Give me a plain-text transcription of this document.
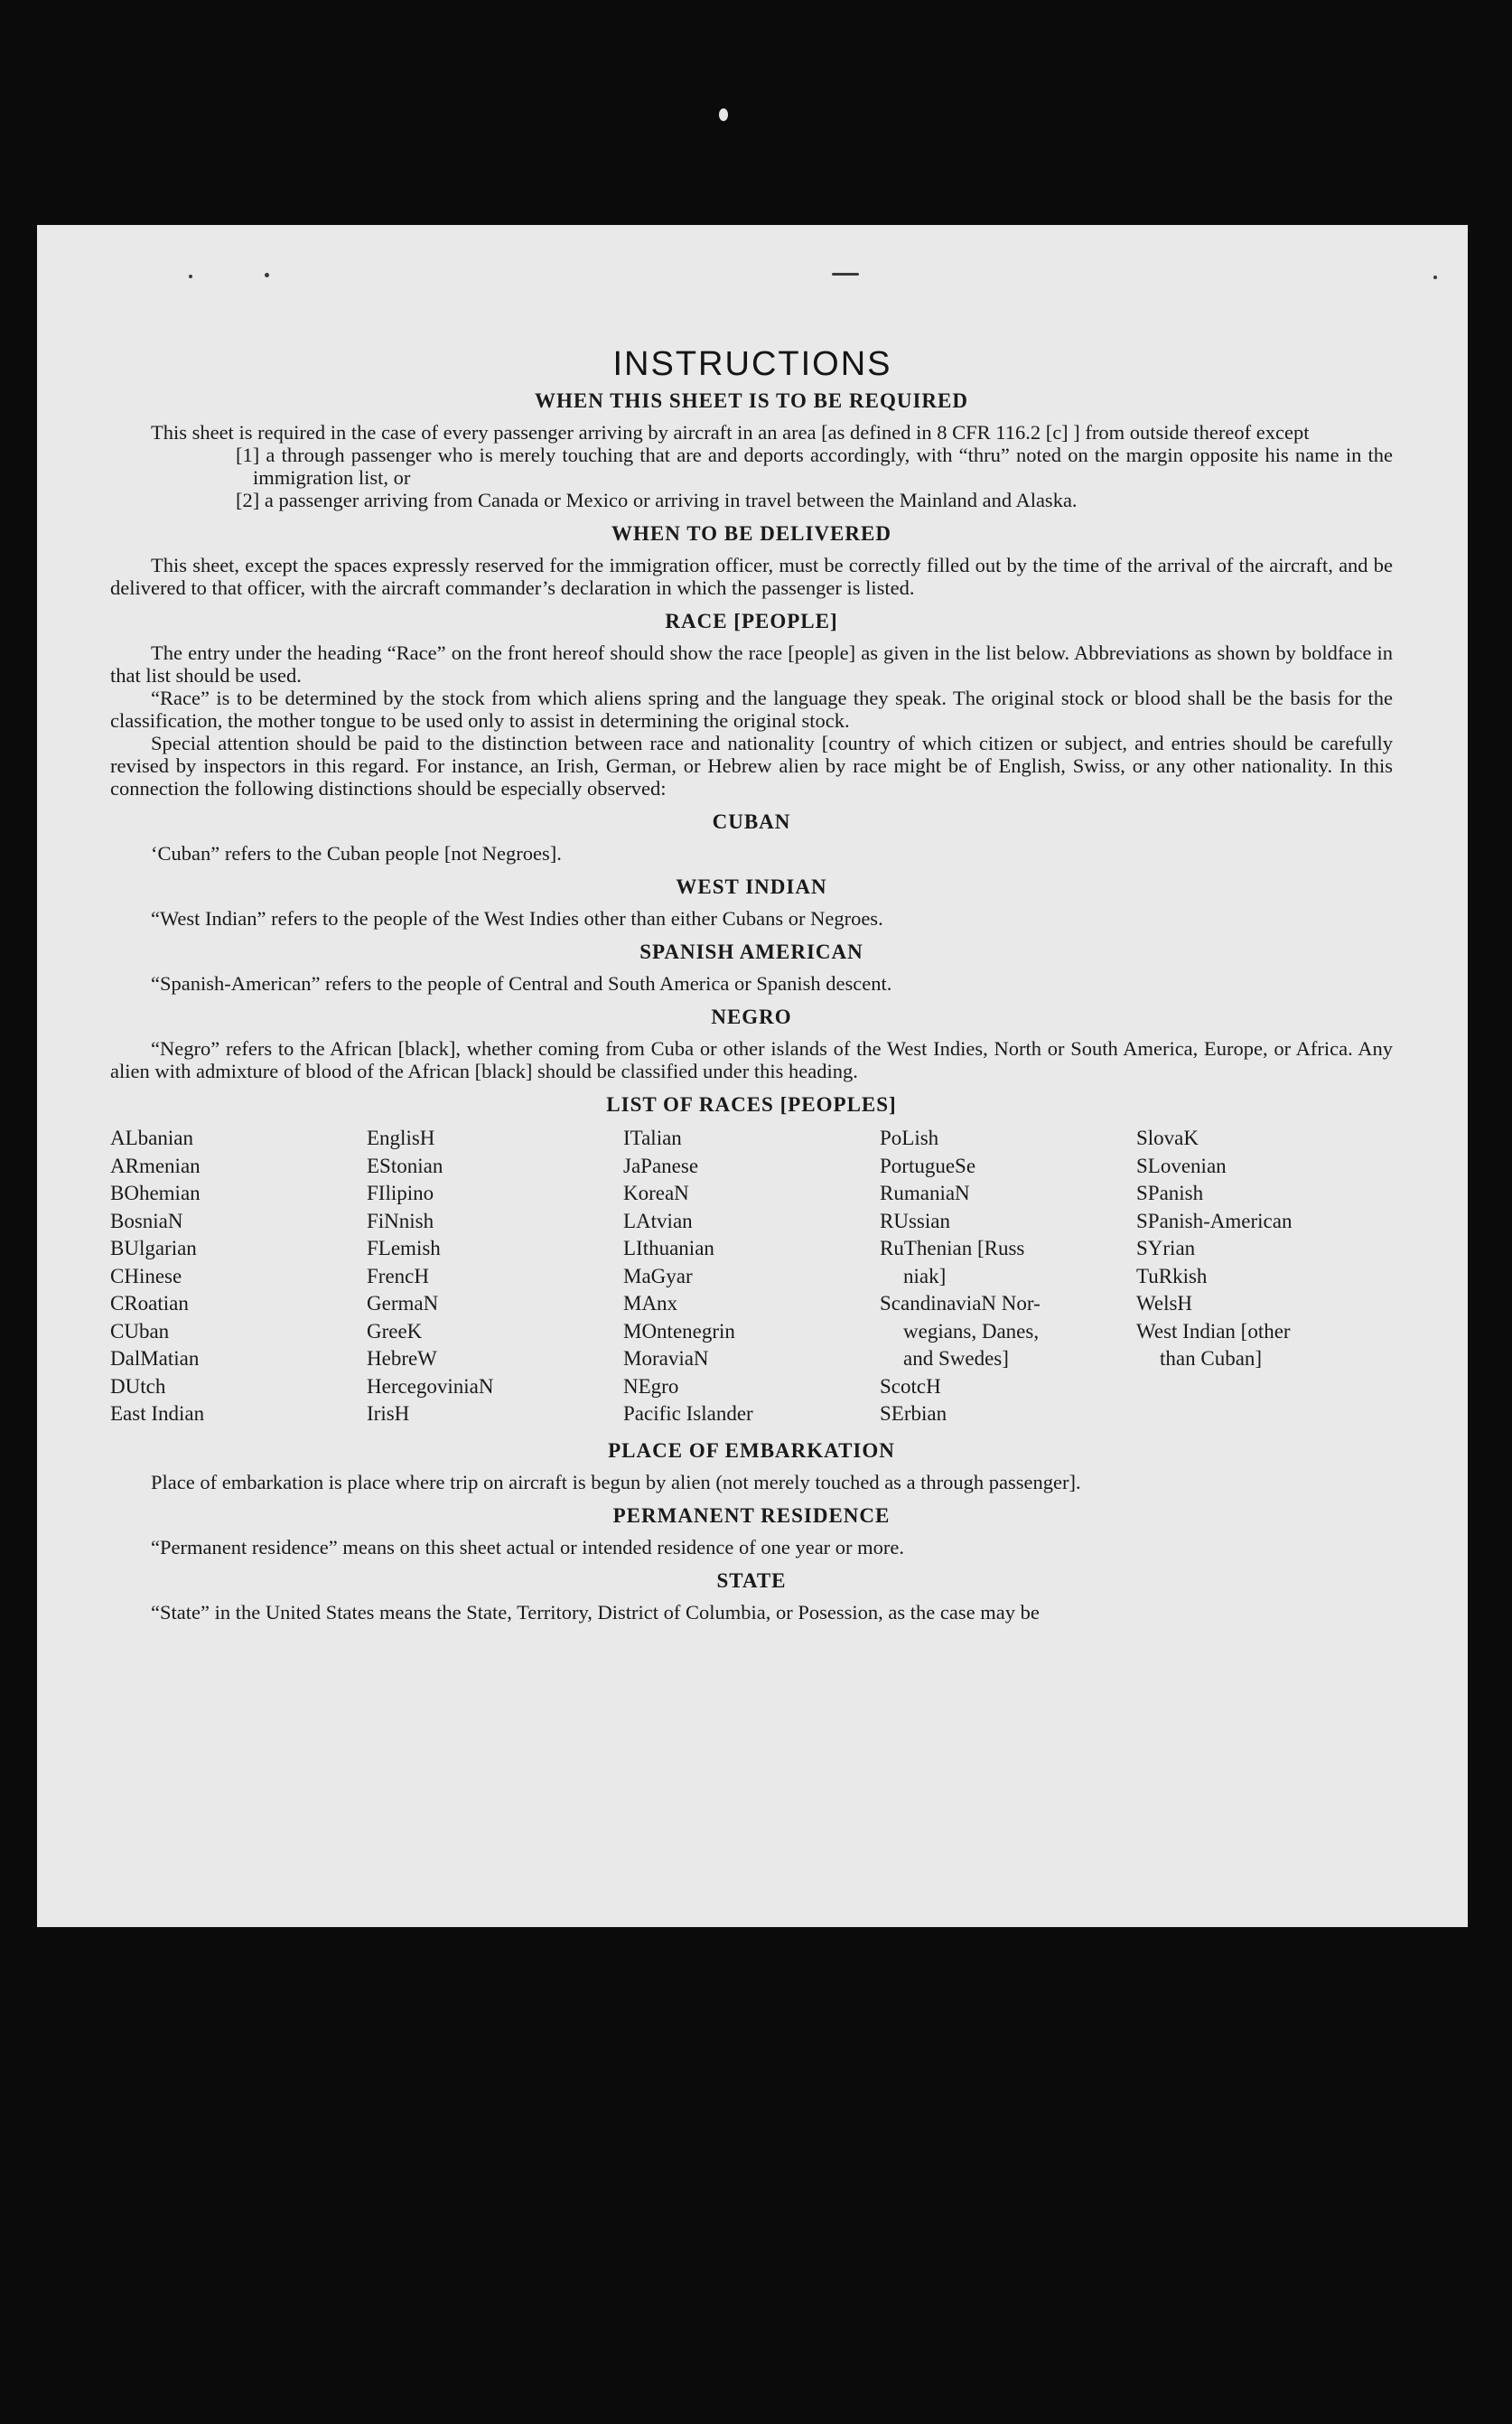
INSTRUCTIONS
WHEN THIS SHEET IS TO BE REQUIRED

This sheet is required in the case of every passenger arriving by aircraft in an area [as defined in 8 CFR 116.2 [c] ] from outside thereof except

[1] a through passenger who is merely touching that are and deports accordingly, with “thru” noted on the margin opposite his name in the immigration list, or

[2] a passenger arriving from Canada or Mexico or arriving in travel between the Mainland and Alaska.

WHEN TO BE DELIVERED

This sheet, except the spaces expressly reserved for the immigration officer, must be correctly filled out by the time of the arrival of the aircraft, and be delivered to that officer, with the aircraft commander’s declaration in which the passenger is listed.

RACE [PEOPLE]

The entry under the heading “Race” on the front hereof should show the race [people] as given in the list below. Abbreviations as shown by boldface in that list should be used.

“Race” is to be determined by the stock from which aliens spring and the language they speak. The original stock or blood shall be the basis for the classification, the mother tongue to be used only to assist in determining the original stock.

Special attention should be paid to the distinction between race and nationality [country of which citizen or subject, and entries should be carefully revised by inspectors in this regard. For instance, an Irish, German, or Hebrew alien by race might be of English, Swiss, or any other nationality. In this connection the following distinctions should be especially observed:

CUBAN

‘Cuban” refers to the Cuban people [not Negroes].

WEST INDIAN

“West Indian” refers to the people of the West Indies other than either Cubans or Negroes.

SPANISH AMERICAN

“Spanish-American” refers to the people of Central and South America or Spanish descent.

NEGRO

“Negro” refers to the African [black], whether coming from Cuba or other islands of the West Indies, North or South America, Europe, or Africa. Any alien with admixture of blood of the African [black] should be classified under this heading.

LIST OF RACES [PEOPLES]
ALbanian
ARmenian
BOhemian
BosniaN
BUlgarian
CHinese
CRoatian
CUban
DalMatian
DUtch
East Indian
EnglisH
EStonian
FIlipino
FiNnish
FLemish
FrencH
GermaN
GreeK
HebreW
HercegoviniaN
IrisH
ITalian
JaPanese
KoreaN
LAtvian
LIthuanian
MaGyar
MAnx
MOntenegrin
MoraviaN
NEgro
Pacific Islander
PoLish
PortugueSe
RumaniaN
RUssian
RuThenian [Russ
niak]
ScandinaviaN Nor-
wegians, Danes,
and Swedes]
ScotcH
SErbian
SlovaK
SLovenian
SPanish
SPanish-American
SYrian
TuRkish
WelsH
West Indian [other
than Cuban]
PLACE OF EMBARKATION

Place of embarkation is place where trip on aircraft is begun by alien (not merely touched as a through passenger].

PERMANENT RESIDENCE

“Permanent residence” means on this sheet actual or intended residence of one year or more.

STATE

“State” in the United States means the State, Territory, District of Columbia, or Posession, as the case may be
